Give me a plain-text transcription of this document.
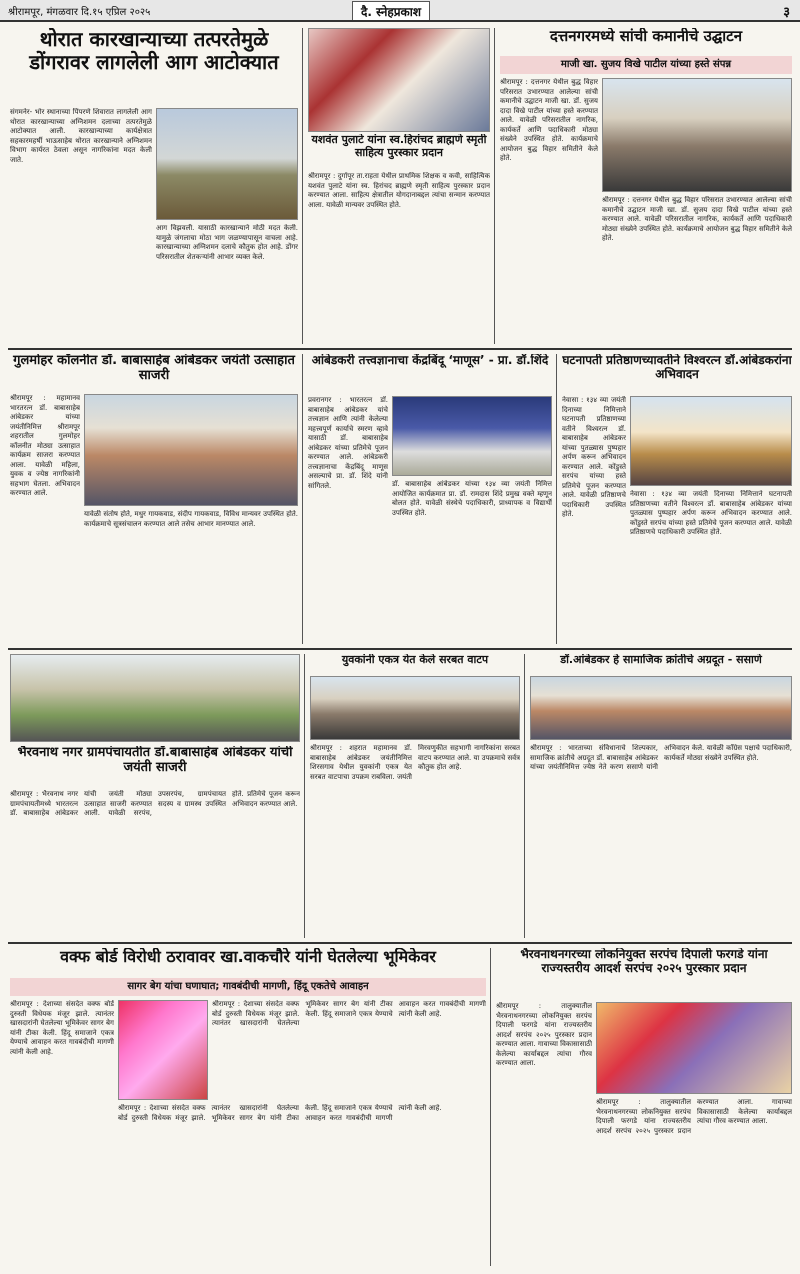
श्रीरामपूर, मंगळवार दि.१५ एप्रिल २०२५	दै. स्नेहप्रकाश	३
थोरात कारखान्याच्या तत्परतेमुळे डोंगरावर लागलेली आग आटोक्यात
संगमनेर- भोर स्थानाच्या पिंपरणे शिवारात लागलेली आग थोरात कारखान्याच्या अग्निशमन दलाच्या तत्परतेमुळे आटोक्यात आली. कारखान्याच्या कार्यक्षेत्रात सहकारमहर्षी भाऊसाहेब थोरात कारखान्याने अग्निशमन विभाग कार्यरत ठेवला असून नागरिकांना मदत केली जाते.
आग विझवली. यासाठी कारखान्याने मोठी मदत केली. यामुळे जंगलाचा मोठा भाग जळण्यापासून वाचला आहे. कारखान्याच्या अग्निशमन दलाचे कौतुक होत आहे. डोंगर परिसरातील शेतकऱ्यांनी आभार व्यक्त केले.
यशवंत पुलाटे यांना स्व.हिरांचद ब्राह्मणे स्मृती साहित्य पुरस्कार प्रदान
श्रीरामपूर : दुर्गापूर ता.राहता येथील प्राथमिक शिक्षक व कवी, साहित्यिक यशवंत पुलाटे यांना स्व. हिरांचद ब्राह्मणे स्मृती साहित्य पुरस्कार प्रदान करण्यात आला. साहित्य क्षेत्रातील योगदानाबद्दल त्यांचा सन्मान करण्यात आला. यावेळी मान्यवर उपस्थित होते.
दत्तनगरमध्ये सांची कमानीचे उद्घाटन
माजी खा. सुजय विखे पाटील यांच्या हस्ते संपन्न
श्रीरामपूर : दत्तनगर येथील बुद्ध विहार परिसरात उभारण्यात आलेल्या सांची कमानीचे उद्घाटन माजी खा. डॉ. सुजय दादा विखे पाटील यांच्या हस्ते करण्यात आले. यावेळी परिसरातील नागरिक, कार्यकर्ते आणि पदाधिकारी मोठ्या संख्येने उपस्थित होते. कार्यक्रमाचे आयोजन बुद्ध विहार समितीने केले होते.
श्रीरामपूर : दत्तनगर येथील बुद्ध विहार परिसरात उभारण्यात आलेल्या सांची कमानीचे उद्घाटन माजी खा. डॉ. सुजय दादा विखे पाटील यांच्या हस्ते करण्यात आले. यावेळी परिसरातील नागरिक, कार्यकर्ते आणि पदाधिकारी मोठ्या संख्येने उपस्थित होते. कार्यक्रमाचे आयोजन बुद्ध विहार समितीने केले होते.
गुलमोहर कॉलनीत डॉ. बाबासाहेब आंबेडकर जयंती उत्साहात साजरी
श्रीरामपूर : महामानव भारतरत्न डॉ. बाबासाहेब आंबेडकर यांच्या जयंतीनिमित्त श्रीरामपूर शहरातील गुलमोहर कॉलनीत मोठ्या उत्साहात कार्यक्रम साजरा करण्यात आला. यावेळी महिला, युवक व ज्येष्ठ नागरिकांनी सहभाग घेतला. अभिवादन करण्यात आले.
यावेळी संतोष होते, मधुर गायकवाड, संदीप गायकवाड, विविध मान्यवर उपस्थित होते. कार्यक्रमाचे सूत्रसंचालन करण्यात आले तसेच आभार मानण्यात आले.
आंबेडकरी तत्त्वज्ञानाचा केंद्रबिंदू ‘माणूस’ - प्रा. डॉ.शिंदे
प्रवरानगर : भारतरत्न डॉ. बाबासाहेब आंबेडकर यांचे तत्त्वज्ञान आणि त्यांनी केलेल्या महत्त्वपूर्ण कार्याचे स्मरण व्हावे यासाठी डॉ. बाबासाहेब आंबेडकर यांच्या प्रतिमेचे पूजन करण्यात आले. आंबेडकरी तत्त्वज्ञानाचा केंद्रबिंदू माणूस असल्याचे प्रा. डॉ. शिंदे यांनी सांगितले.	डॉ. बाबासाहेब आंबेडकर यांच्या १३४ व्या जयंती निमित्त आयोजित कार्यक्रमात प्रा. डॉ. रामदास शिंदे प्रमुख वक्ते म्हणून बोलत होते. यावेळी संस्थेचे पदाधिकारी, प्राध्यापक व विद्यार्थी उपस्थित होते.
घटनापती प्रतिष्ठाणच्यावतीने विश्वरत्न डॉ.आंबेडकरांना अभिवादन
नेवासा : १३४ व्या जयंती दिनाच्या निमित्ताने घटनापती प्रतिष्ठाणच्या वतीने विश्वरत्न डॉ. बाबासाहेब आंबेडकर यांच्या पुतळ्यास पुष्पहार अर्पण करून अभिवादन करण्यात आले. कोंडुस्ते सरपंच यांच्या हस्ते प्रतिमेचे पूजन करण्यात आले. यावेळी प्रतिष्ठाणचे पदाधिकारी उपस्थित होते.
नेवासा : १३४ व्या जयंती दिनाच्या निमित्ताने घटनापती प्रतिष्ठाणच्या वतीने विश्वरत्न डॉ. बाबासाहेब आंबेडकर यांच्या पुतळ्यास पुष्पहार अर्पण करून अभिवादन करण्यात आले. कोंडुस्ते सरपंच यांच्या हस्ते प्रतिमेचे पूजन करण्यात आले. यावेळी प्रतिष्ठाणचे पदाधिकारी उपस्थित होते.
भैरवनाथ नगर ग्रामपंचायतीत डॉ.बाबासाहेब आंबेडकर यांची जयंती साजरी
श्रीरामपूर : भैरवनाथ नगर ग्रामपंचायतीमध्ये भारतरत्न डॉ. बाबासाहेब आंबेडकर यांची जयंती मोठ्या उत्साहात साजरी करण्यात आली. यावेळी सरपंच, उपसरपंच, ग्रामपंचायत सदस्य व ग्रामस्थ उपस्थित होते. प्रतिमेचे पूजन करून अभिवादन करण्यात आले.
युवकांनी एकत्र येत केले सरबत वाटप
श्रीरामपूर : शहरात महामानव डॉ. बाबासाहेब आंबेडकर जयंतीनिमित्त शिरसगाव येथील युवकांनी एकत्र येत सरबत वाटपाचा उपक्रम राबविला. जयंती मिरवणुकीत सहभागी नागरिकांना सरबत वाटप करण्यात आले. या उपक्रमाचे सर्वत्र कौतुक होत आहे.
डॉ.आंबेडकर हे सामाजिक क्रांतीचे अग्रदूत - ससाणे
श्रीरामपूर : भारताच्या संविधानाचे शिल्पकार, सामाजिक क्रांतीचे अग्रदूत डॉ. बाबासाहेब आंबेडकर यांच्या जयंतीनिमित्त ज्येष्ठ नेते करण ससाणे यांनी अभिवादन केले. यावेळी काँग्रेस पक्षाचे पदाधिकारी, कार्यकर्ते मोठ्या संख्येने उपस्थित होते.
वक्फ बोर्ड विरोधी ठरावावर खा.वाकचौरे यांनी घेतलेल्या भूमिकेवर
सागर बेग यांचा घणाघात; गावबंदीची मागणी, हिंदू एकतेचे आवाहन
श्रीरामपूर : देशाच्या संसदेत वक्फ बोर्ड दुरुस्ती विधेयक मंजूर झाले. त्यानंतर खासदारांनी घेतलेल्या भूमिकेवर सागर बेग यांनी टीका केली. हिंदू समाजाने एकत्र येण्याचे आवाहन करत गावबंदीची मागणी त्यांनी केली आहे.
श्रीरामपूर : देशाच्या संसदेत वक्फ बोर्ड दुरुस्ती विधेयक मंजूर झाले. त्यानंतर खासदारांनी घेतलेल्या भूमिकेवर सागर बेग यांनी टीका केली. हिंदू समाजाने एकत्र येण्याचे आवाहन करत गावबंदीची मागणी त्यांनी केली आहे.
श्रीरामपूर : देशाच्या संसदेत वक्फ बोर्ड दुरुस्ती विधेयक मंजूर झाले. त्यानंतर खासदारांनी घेतलेल्या भूमिकेवर सागर बेग यांनी टीका केली. हिंदू समाजाने एकत्र येण्याचे आवाहन करत गावबंदीची मागणी त्यांनी केली आहे.
भैरवनाथनगरच्या लोकनियुक्त सरपंच दिपाली फरगडे यांना राज्यस्तरीय आदर्श सरपंच २०२५ पुरस्कार प्रदान
श्रीरामपूर : तालुक्यातील भैरवनाथनगरच्या लोकनियुक्त सरपंच दिपाली फरगडे यांना राज्यस्तरीय आदर्श सरपंच २०२५ पुरस्कार प्रदान करण्यात आला. गावाच्या विकासासाठी केलेल्या कार्याबद्दल त्यांचा गौरव करण्यात आला.
श्रीरामपूर : तालुक्यातील भैरवनाथनगरच्या लोकनियुक्त सरपंच दिपाली फरगडे यांना राज्यस्तरीय आदर्श सरपंच २०२५ पुरस्कार प्रदान करण्यात आला. गावाच्या विकासासाठी केलेल्या कार्याबद्दल त्यांचा गौरव करण्यात आला.
